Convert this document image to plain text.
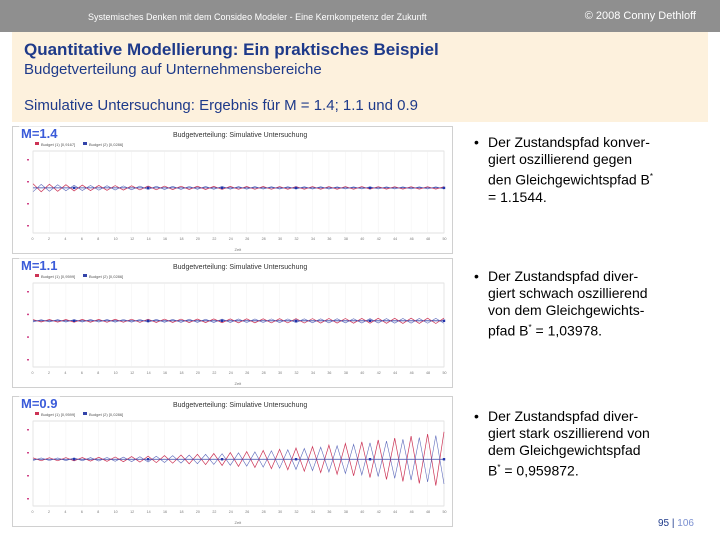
Systemisches Denken mit dem Consideo Modeler - Eine Kernkompetenz der Zukunft	© 2008 Conny Dethloff
Quantitative Modellierung: Ein praktisches Beispiel
Budgetverteilung auf Unternehmensbereiche
Simulative Untersuchung: Ergebnis für M = 1.4; 1.1 und 0.9
Budgetverteilung: Simulative Untersuchung
Budget (1) [0,9167]	Budget (2) [0,0286]
0	2	4	6	8	10	12	14	16	18	20	22	24	26	28	30	32	34	36	38	40	42	44	46	48	50
Zeit
M=1.4
Budgetverteilung: Simulative Untersuchung
Budget (1) [0,9599]	Budget (2) [0,0286]
0	2	4	6	8	10	12	14	16	18	20	22	24	26	28	30	32	34	36	38	40	42	44	46	48	50
Zeit
M=1.1
Budgetverteilung: Simulative Untersuchung
Budget (1) [0,9599]	Budget (2) [0,0286]
0	2	4	6	8	10	12	14	16	18	20	22	24	26	28	30	32	34	36	38	40	42	44	46	48	50
Zeit
M=0.9
• Der Zustandspfad konver-
giert oszillierend gegen
den Gleichgewichtspfad B*
= 1.1544.
• Der Zustandspfad diver-
giert schwach oszillierend
von dem Gleichgewichts-
pfad B* = 1,03978.
• Der Zustandspfad diver-
giert stark oszillierend von
dem Gleichgewichtspfad
B* = 0,959872.
95 | 106
